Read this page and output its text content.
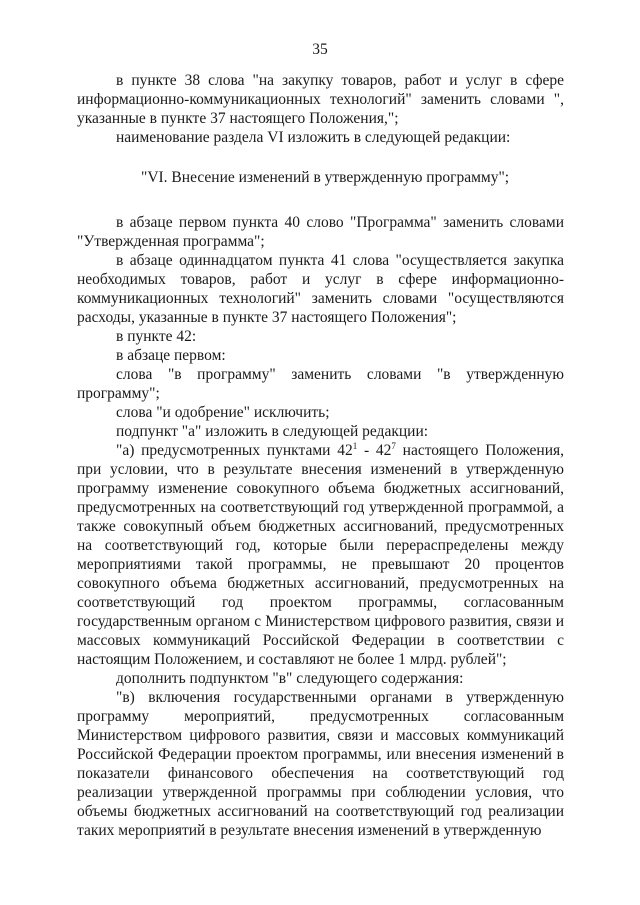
35

в пункте 38 слова "на закупку товаров, работ и услуг в сфере информационно-коммуникационных технологий" заменить словами ", указанные в пункте 37 настоящего Положения,";

наименование раздела VI изложить в следующей редакции:

"VI. Внесение изменений в утвержденную программу";

в абзаце первом пункта 40 слово "Программа" заменить словами "Утвержденная программа";

в абзаце одиннадцатом пункта 41 слова "осуществляется закупка необходимых товаров, работ и услуг в сфере информационно-коммуникационных технологий" заменить словами "осуществляются расходы, указанные в пункте 37 настоящего Положения";

в пункте 42:

в абзаце первом:

слова "в программу" заменить словами "в утвержденную программу";

слова "и одобрение" исключить;

подпункт "а" изложить в следующей редакции:

"а) предусмотренных пунктами $42^1 - 42^7$ настоящего Положения, при условии, что в результате внесения изменений в утвержденную программу изменение совокупного объема бюджетных ассигнований, предусмотренных на соответствующий год утвержденной программой, а также совокупный объем бюджетных ассигнований, предусмотренных на соответствующий год, которые были перераспределены между мероприятиями такой программы, не превышают 20 процентов совокупного объема бюджетных ассигнований, предусмотренных на соответствующий год проектом программы, согласованным государственным органом с Министерством цифрового развития, связи и массовых коммуникаций Российской Федерации в соответствии с настоящим Положением, и составляют не более 1 млрд. рублей";

дополнить подпунктом "в" следующего содержания:

"в) включения государственными органами в утвержденную программу мероприятий, предусмотренных согласованным Министерством цифрового развития, связи и массовых коммуникаций Российской Федерации проектом программы, или внесения изменений в показатели финансового обеспечения на соответствующий год реализации утвержденной программы при соблюдении условия, что объемы бюджетных ассигнований на соответствующий год реализации таких мероприятий в результате внесения изменений в утвержденную
